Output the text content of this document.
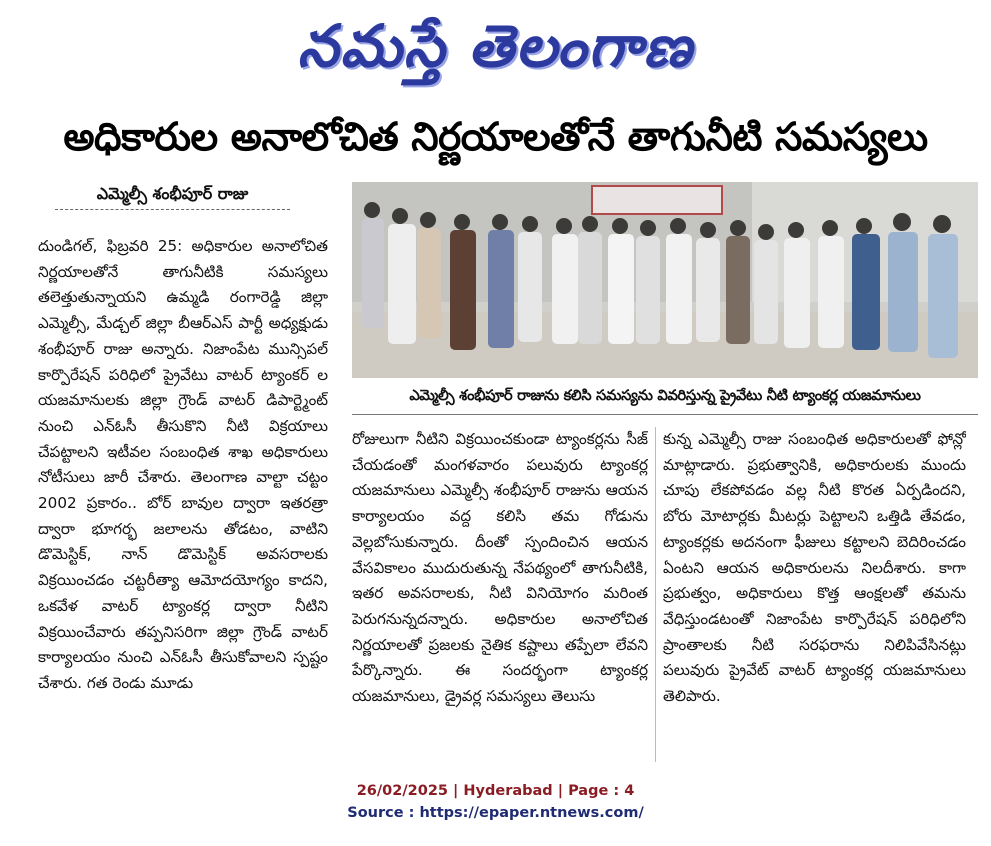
నమస్తే తెలంగాణ
అధికారుల అనాలోచిత నిర్ణయాలతోనే తాగునీటి సమస్యలు
ఎమ్మెల్సీ శంభీపూర్ రాజు
దుండిగల్, ఫిబ్రవరి 25: అధికారుల అనాలోచిత నిర్ణయాలతోనే తాగునీటికి సమస్యలు తలెత్తుతున్నాయని ఉమ్మడి రంగారెడ్డి జిల్లా ఎమ్మెల్సీ, మేడ్చల్ జిల్లా బీఆర్ఎస్ పార్టీ అధ్యక్షుడు శంభీపూర్ రాజు అన్నారు. నిజాంపేట మున్సిపల్ కార్పొరేషన్ పరిధిలో ప్రైవేటు వాటర్ ట్యాంకర్ ల యజమానులకు జిల్లా గ్రౌండ్ వాటర్ డిపార్ట్మెంట్ నుంచి ఎన్ఓసీ తీసుకొని నీటి విక్రయాలు చేపట్టాలని ఇటీవల సంబంధిత శాఖ అధికారులు నోటీసులు జారీ చేశారు. తెలంగాణ వాల్టా చట్టం 2002 ప్రకారం.. బోర్ బావుల ద్వారా ఇతరత్రా ద్వారా భూగర్భ జలాలను తోడటం, వాటిని డొమెస్టిక్, నాన్ డొమెస్టిక్ అవసరాలకు విక్రయించడం చట్టరీత్యా ఆమోదయోగ్యం కాదని, ఒకవేళ వాటర్ ట్యాంకర్ల ద్వారా నీటిని విక్రయించేవారు తప్పనిసరిగా జిల్లా గ్రౌండ్ వాటర్ కార్యాలయం నుంచి ఎన్ఓసీ తీసుకోవాలని స్పష్టం చేశారు. గత రెండు మూడు
ఎమ్మెల్సీ శంభీపూర్ రాజును కలిసి సమస్యను వివరిస్తున్న ప్రైవేటు నీటి ట్యాంకర్ల యజమానులు
రోజులుగా నీటిని విక్రయించకుండా ట్యాంకర్లను సీజ్ చేయడంతో మంగళవారం పలువురు ట్యాంకర్ల యజమానులు ఎమ్మెల్సీ శంభీపూర్ రాజును ఆయన కార్యాలయం వద్ద కలిసి తమ గోడును వెల్లబోసుకున్నారు. దీంతో స్పందించిన ఆయన వేసవికాలం ముదురుతున్న నేపథ్యంలో తాగునీటికి, ఇతర అవసరాలకు, నీటి వినియోగం మరింత పెరుగనున్నదన్నారు. అధికారుల అనాలోచిత నిర్ణయాలతో ప్రజలకు నైతిక కష్టాలు తప్పేలా లేవని పేర్కొన్నారు. ఈ సందర్భంగా ట్యాంకర్ల యజమానులు, డ్రైవర్ల సమస్యలు తెలుసు
కున్న ఎమ్మెల్సీ రాజు సంబంధిత అధికారులతో ఫోన్లో మాట్లాడారు. ప్రభుత్వానికి, అధికారులకు ముందు చూపు లేకపోవడం వల్ల నీటి కొరత ఏర్పడిందని, బోరు మోటార్లకు మీటర్లు పెట్టాలని ఒత్తిడి తేవడం, ట్యాంకర్లకు అదనంగా ఫీజులు కట్టాలని బెదిరించడం ఏంటని ఆయన అధికారులను నిలదీశారు. కాగా ప్రభుత్వం, అధికారులు కొత్త ఆంక్షలతో తమను వేధిస్తుండటంతో నిజాంపేట కార్పొరేషన్ పరిధిలోని ప్రాంతాలకు నీటి సరఫరాను నిలిపివేసినట్లు పలువురు ప్రైవేట్ వాటర్ ట్యాంకర్ల యజమానులు తెలిపారు.
26/02/2025 | Hyderabad | Page : 4
Source : https://epaper.ntnews.com/
